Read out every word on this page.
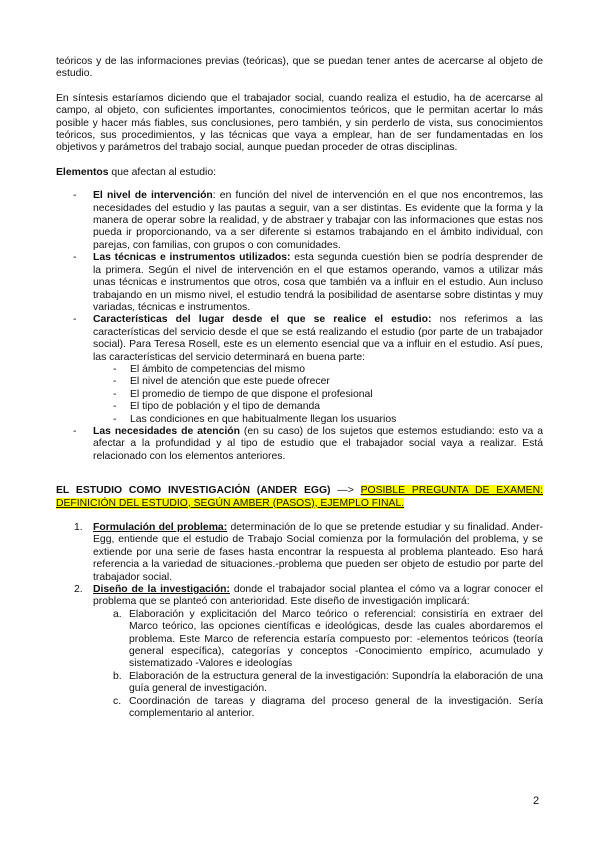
teóricos y de las informaciones previas (teóricas), que se puedan tener antes de acercarse al objeto de estudio.

En síntesis estaríamos diciendo que el trabajador social, cuando realiza el estudio, ha de acercarse al campo, al objeto, con suficientes importantes, conocimientos teóricos, que le permitan acertar lo más posible y hacer más fiables, sus conclusiones, pero también, y sin perderlo de vista, sus conocimientos teóricos, sus procedimientos, y las técnicas que vaya a emplear, han de ser fundamentadas en los objetivos y parámetros del trabajo social, aunque puedan proceder de otras disciplinas.

Elementos que afectan al estudio:

- El nivel de intervención: en función del nivel de intervención en el que nos encontremos, las necesidades del estudio y las pautas a seguir, van a ser distintas. Es evidente que la forma y la manera de operar sobre la realidad, y de abstraer y trabajar con las informaciones que estas nos pueda ir proporcionando, va a ser diferente si estamos trabajando en el ámbito individual, con parejas, con familias, con grupos o con comunidades.
- Las técnicas e instrumentos utilizados: esta segunda cuestión bien se podría desprender de la primera. Según el nivel de intervención en el que estamos operando, vamos a utilizar más unas técnicas e instrumentos que otros, cosa que también va a influir en el estudio. Aun incluso trabajando en un mismo nivel, el estudio tendrá la posibilidad de asentarse sobre distintas y muy variadas, técnicas e instrumentos.
- Características del lugar desde el que se realice el estudio: nos referimos a las características del servicio desde el que se está realizando el estudio (por parte de un trabajador social). Para Teresa Rosell, este es un elemento esencial que va a influir en el estudio. Así pues, las características del servicio determinará en buena parte:
- El ámbito de competencias del mismo
- El nivel de atención que este puede ofrecer
- El promedio de tiempo de que dispone el profesional
- El tipo de población y el tipo de demanda
- Las condiciones en que habitualmente llegan los usuarios
- Las necesidades de atención (en su caso) de los sujetos que estemos estudiando: esto va a afectar a la profundidad y al tipo de estudio que el trabajador social vaya a realizar. Está relacionado con los elementos anteriores.

EL ESTUDIO COMO INVESTIGACIÓN (ANDER EGG) —> POSIBLE PREGUNTA DE EXAMEN: DEFINICIÓN DEL ESTUDIO, SEGÚN AMBER (PASOS), EJEMPLO FINAL.

1. Formulación del problema: determinación de lo que se pretende estudiar y su finalidad. Ander- Egg, entiende que el estudio de Trabajo Social comienza por la formulación del problema, y se extiende por una serie de fases hasta encontrar la respuesta al problema planteado. Eso hará referencia a la variedad de situaciones.-problema que pueden ser objeto de estudio por parte del trabajador social.
2. Diseño de la investigación: donde el trabajador social plantea el cómo va a lograr conocer el problema que se planteó con anterioridad. Este diseño de investigación implicará:
a. Elaboración y explicitación del Marco teórico o referencial: consistiría en extraer del Marco teórico, las opciones científicas e ideológicas, desde las cuales abordaremos el problema. Este Marco de referencia estaría compuesto por: -elementos teóricos (teoría general específica), categorías y conceptos -Conocimiento empírico, acumulado y sistematizado -Valores e ideologías
b. Elaboración de la estructura general de la investigación: Supondría la elaboración de una guía general de investigación.
c. Coordinación de tareas y diagrama del proceso general de la investigación. Sería complementario al anterior.
2
